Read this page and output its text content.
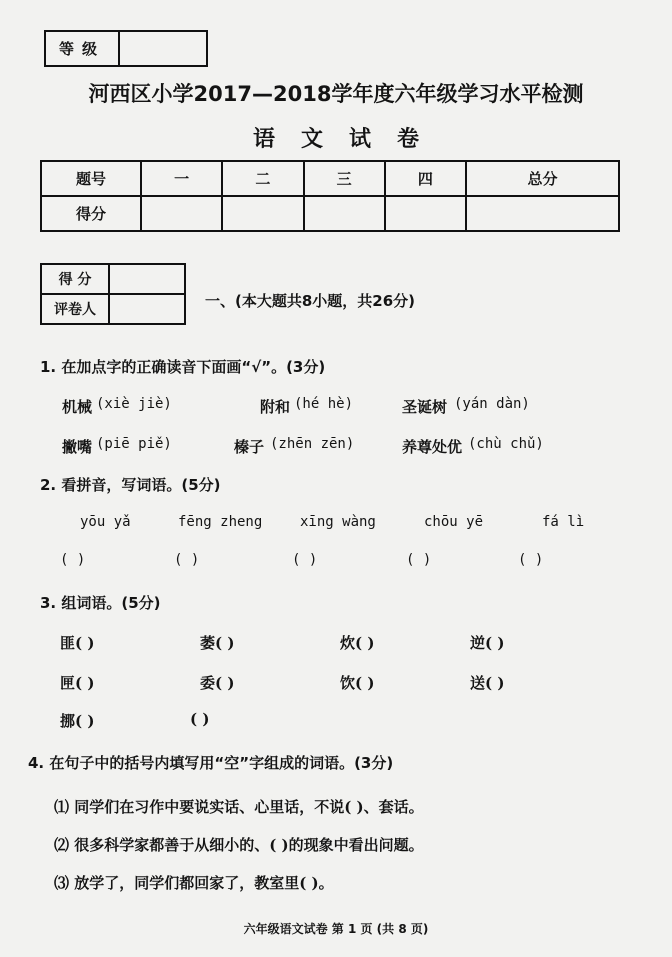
等级
河西区小学2017—2018学年度六年级学习水平检测
语文试卷
题号	一	二	三	四	总分
得分					
得 分	
评卷人		一、(本大题共8小题，共26分)
1. 在加点字的正确读音下面画“√”。(3分)
机械 (xiè jiè)	附和 (hé hè)	圣诞树 (yán dàn)
撇嘴 (piē piě)	榛子 (zhēn zēn)	养尊处优 (chù chǔ)
2. 看拼音，写词语。(5分)
yōu yǎ	fēng zheng	xīng wàng	chōu yē	fá lì
( )	( )	( )	( )	( )
3. 组词语。(5分)
匪( )	萎( )	炊( )	逆( )
匣( )	委( )	饮( )	送( )
挪( )	( )
4. 在句子中的括号内填写用“空”字组成的词语。(3分)
⑴ 同学们在习作中要说实话、心里话，不说( )、套话。
⑵ 很多科学家都善于从细小的、( )的现象中看出问题。
⑶ 放学了，同学们都回家了，教室里( )。
六年级语文试卷 第 1 页 (共 8 页)
